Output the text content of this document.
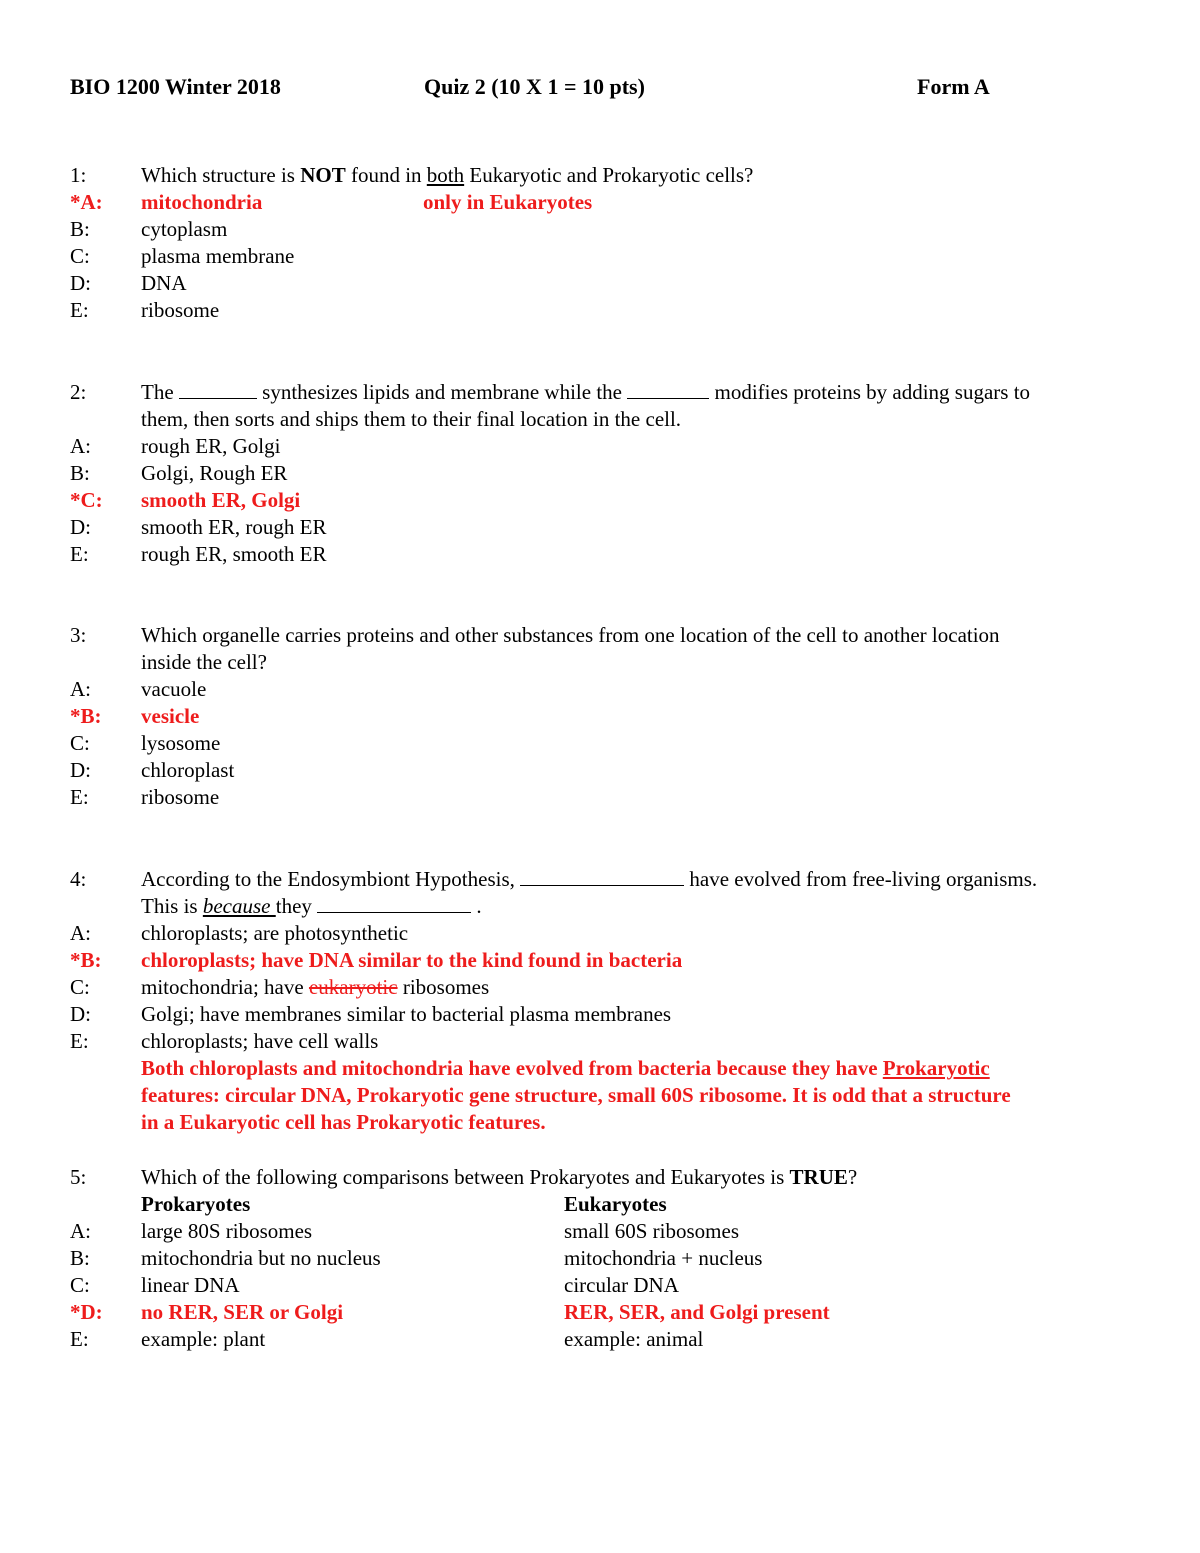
BIO 1200 Winter 2018	Quiz 2 (10 X 1 = 10 pts)	Form A
1:	Which structure is NOT found in both Eukaryotic and Prokaryotic cells?
*A: mitochondria	only in Eukaryotes
B: cytoplasm
C: plasma membrane
D: DNA
E: ribosome
2:	The	synthesizes lipids and membrane while the	modifies proteins by adding sugars to
them, then sorts and ships them to their final location in the cell.
A: rough ER, Golgi
B: Golgi, Rough ER
*C: smooth ER, Golgi
D: smooth ER, rough ER
E: rough ER, smooth ER
3:	Which organelle carries proteins and other substances from one location of the cell to another location
inside the cell?
A: vacuole
*B: vesicle
C: lysosome
D: chloroplast
E: ribosome
4:	According to the Endosymbiont Hypothesis,	have evolved from free-living organisms.
This is because they	.
A: chloroplasts; are photosynthetic
*B: chloroplasts; have DNA similar to the kind found in bacteria
C: mitochondria; have eukaryotic ribosomes
D: Golgi; have membranes similar to bacterial plasma membranes
E: chloroplasts; have cell walls
Both chloroplasts and mitochondria have evolved from bacteria because they have Prokaryotic
features: circular DNA, Prokaryotic gene structure, small 60S ribosome. It is odd that a structure
in a Eukaryotic cell has Prokaryotic features.
5:	Which of the following comparisons between Prokaryotes and Eukaryotes is TRUE?
Prokaryotes	Eukaryotes
A: large 80S ribosomes	small 60S ribosomes
B: mitochondria but no nucleus	mitochondria + nucleus
C: linear DNA	circular DNA
*D: no RER, SER or Golgi	RER, SER, and Golgi present
E: example: plant	example: animal
